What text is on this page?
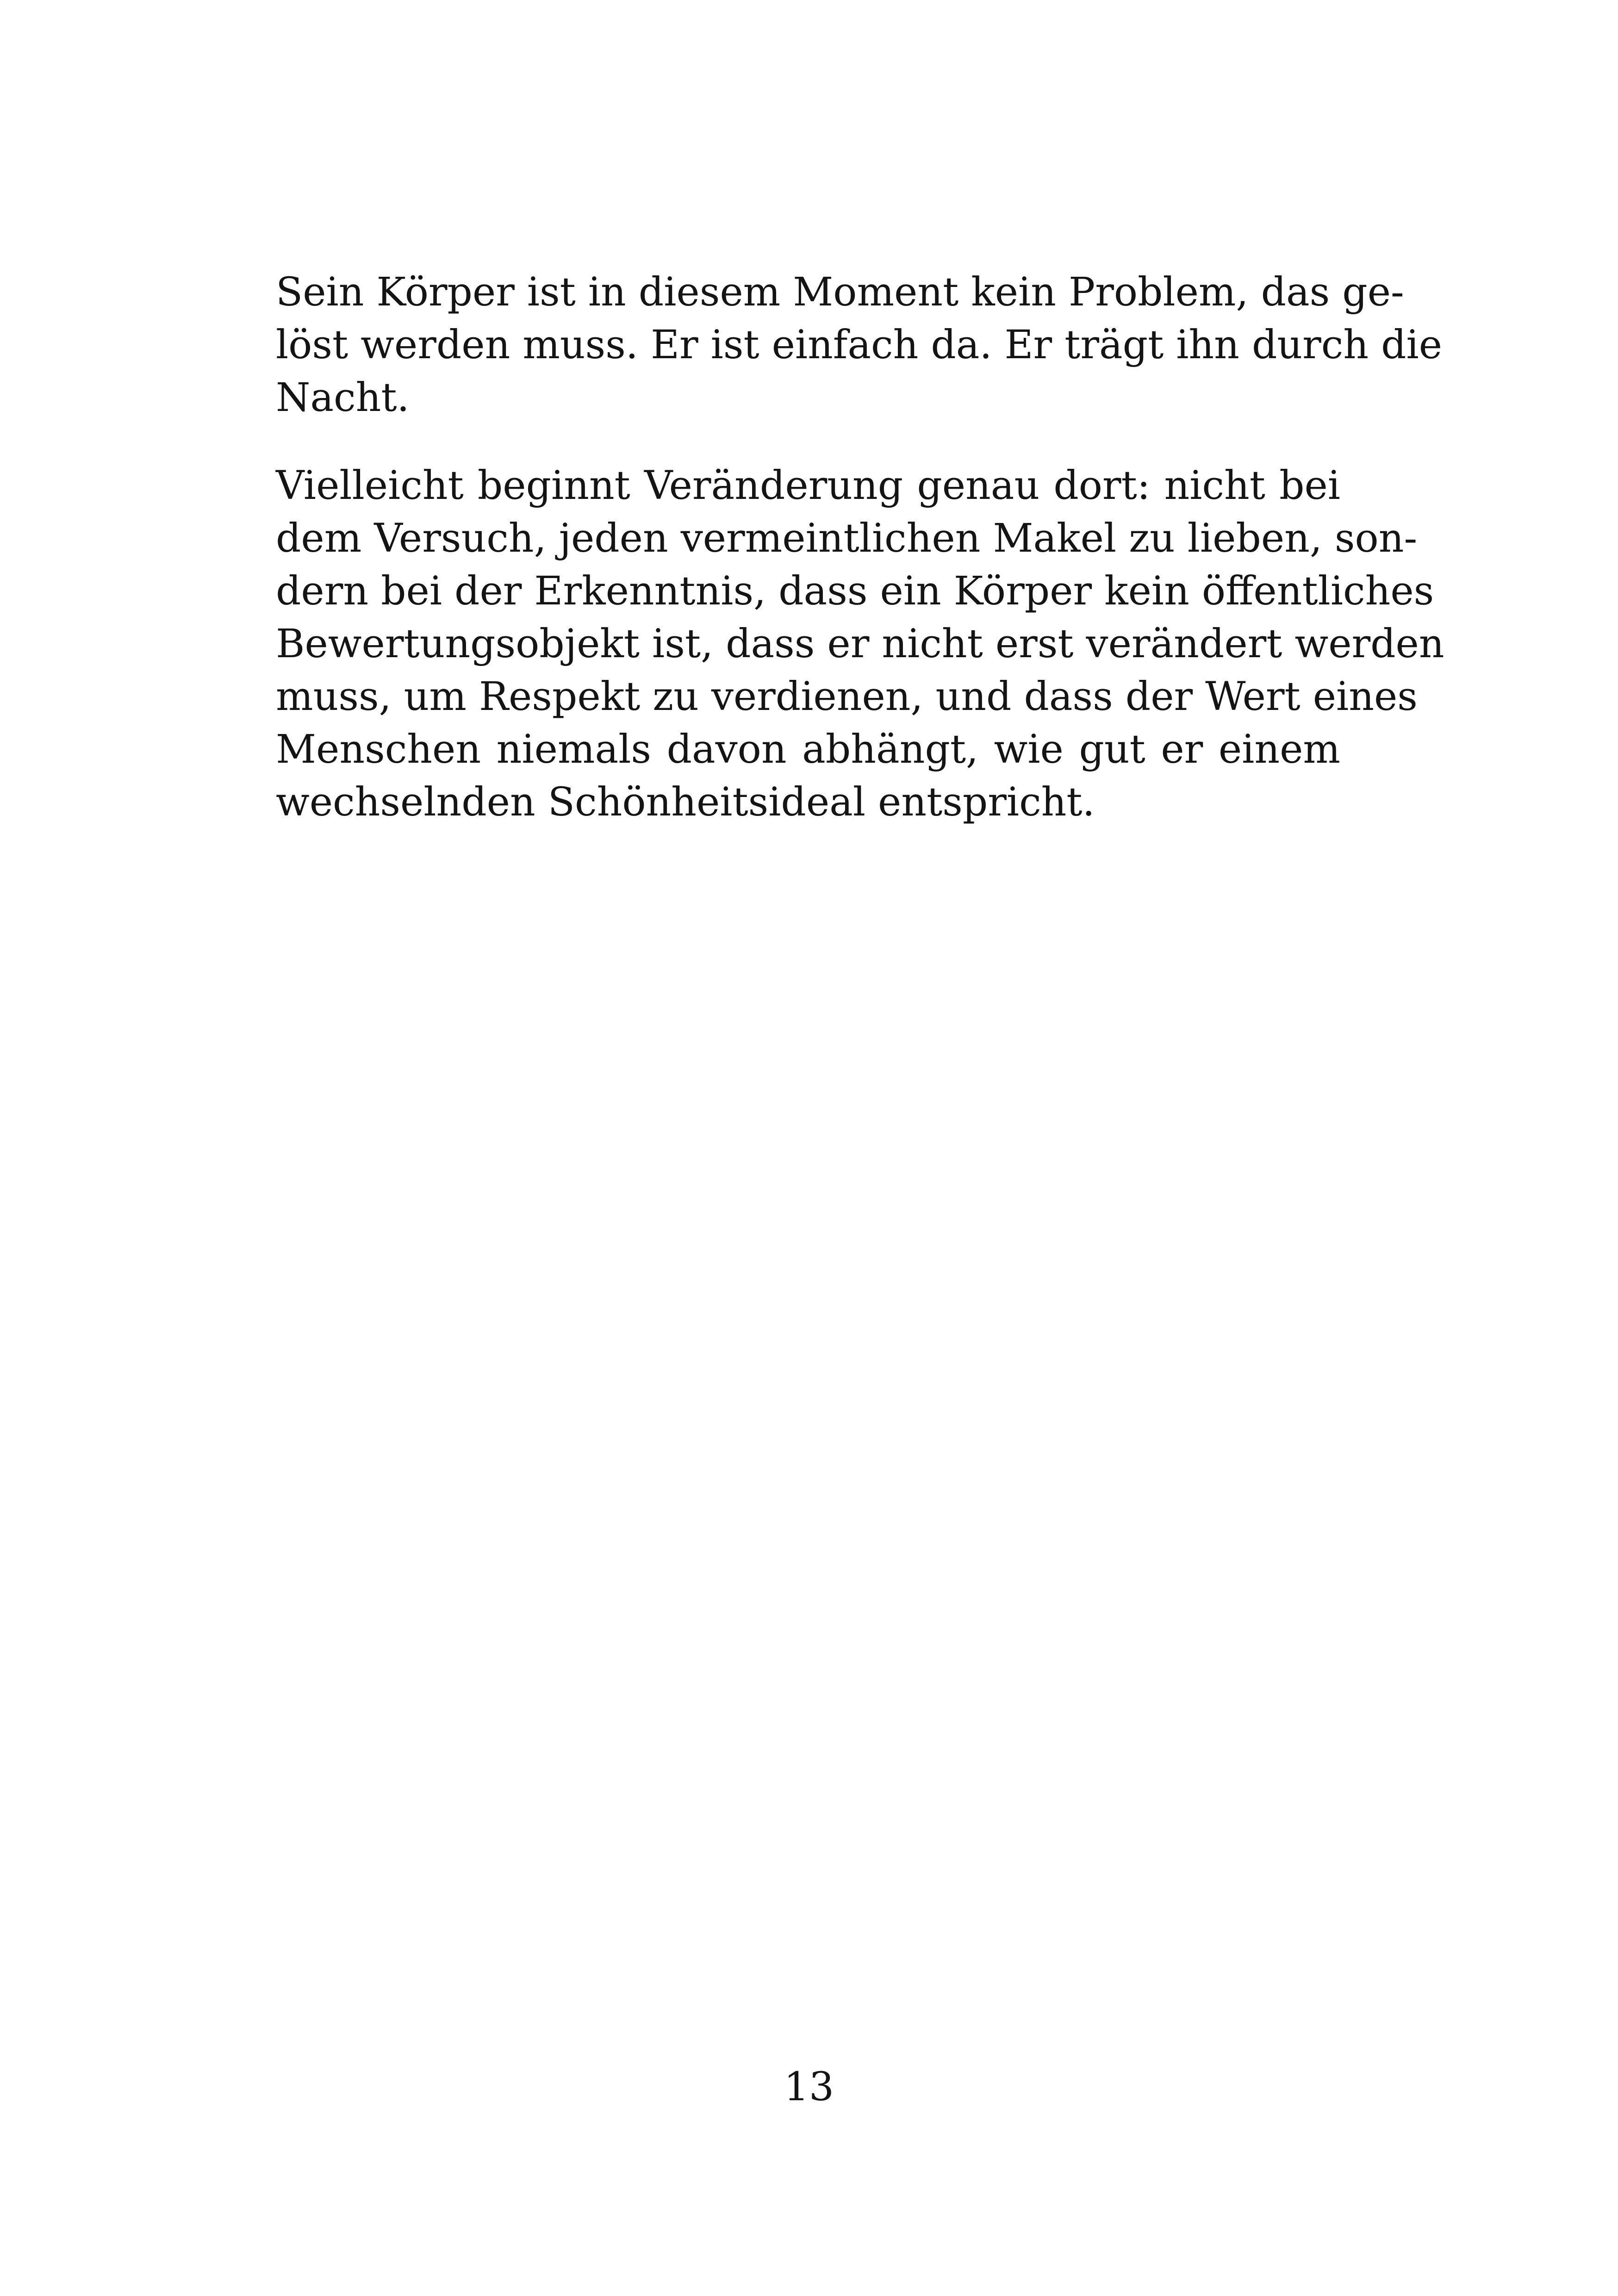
Sein Körper ist in diesem Moment kein Problem, das ge-
löst werden muss. Er ist einfach da. Er trägt ihn durch die
Nacht.
Vielleicht beginnt Veränderung genau dort: nicht bei
dem Versuch, jeden vermeintlichen Makel zu lieben, son-
dern bei der Erkenntnis, dass ein Körper kein öffentliches
Bewertungsobjekt ist, dass er nicht erst verändert werden
muss, um Respekt zu verdienen, und dass der Wert eines
Menschen niemals davon abhängt, wie gut er einem
wechselnden Schönheitsideal entspricht.
13
